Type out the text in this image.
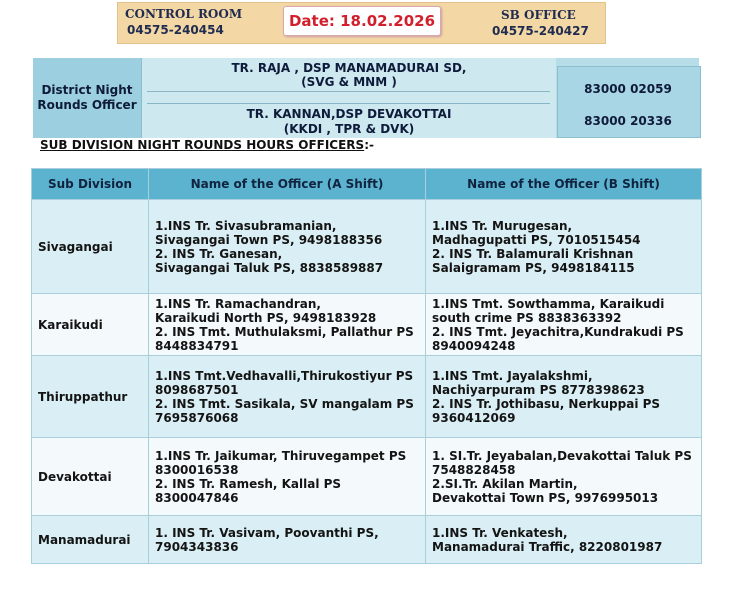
CONTROL ROOM
04575-240454	Date: 18.02.2026	SB OFFICE
04575-240427
District Night Rounds Officer
TR. RAJA , DSP MANAMADURAI SD,
(SVG & MNM )
TR. KANNAN,DSP DEVAKOTTAI
(KKDI , TPR & DVK)
83000 02059
83000 20336
SUB DIVISION NIGHT ROUNDS HOURS OFFICERS:-
Sub Division	Name of the Officer (A Shift)	Name of the Officer (B Shift)
Sivagangai	1.INS Tr. Sivasubramanian,
Sivagangai Town PS, 9498188356
2. INS Tr. Ganesan,
Sivagangai Taluk PS, 8838589887	1.INS Tr. Murugesan,
Madhagupatti PS, 7010515454
2. INS Tr. Balamurali Krishnan
Salaigramam PS, 9498184115
Karaikudi	1.INS Tr. Ramachandran,
Karaikudi North PS, 9498183928
2. INS Tmt. Muthulaksmi, Pallathur PS
8448834791	1.INS Tmt. Sowthamma, Karaikudi
south crime PS 8838363392
2. INS Tmt. Jeyachitra,Kundrakudi PS
8940094248
Thiruppathur	1.INS Tmt.Vedhavalli,Thirukostiyur PS
8098687501
2. INS Tmt. Sasikala, SV mangalam PS
7695876068	1.INS Tmt. Jayalakshmi,
Nachiyarpuram PS 8778398623
2. INS Tr. Jothibasu, Nerkuppai PS
9360412069
Devakottai	1.INS Tr. Jaikumar, Thiruvegampet PS
8300016538
2. INS Tr. Ramesh, Kallal PS
8300047846	1. SI.Tr. Jeyabalan,Devakottai Taluk PS
7548828458
2.SI.Tr. Akilan Martin,
Devakottai Town PS, 9976995013
Manamadurai	1. INS Tr. Vasivam, Poovanthi PS,
7904343836	1.INS Tr. Venkatesh,
Manamadurai Traffic, 8220801987
